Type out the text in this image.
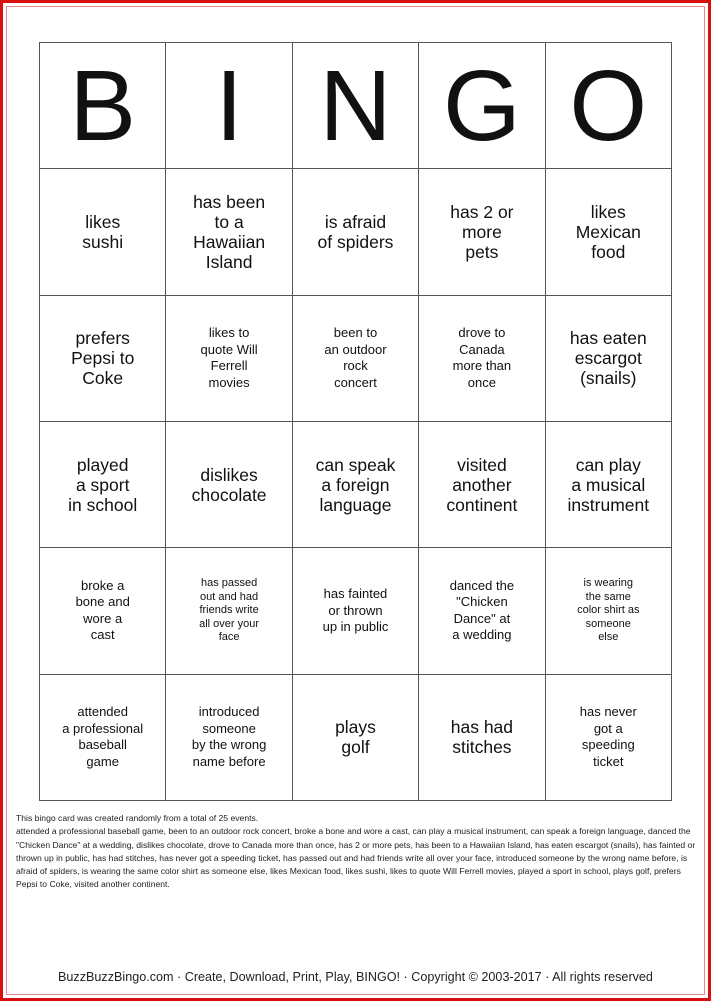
B I N G O
likes
sushi
has been
to a
Hawaiian
Island
is afraid
of spiders
has 2 or
more
pets
likes
Mexican
food
prefers
Pepsi to
Coke
likes to
quote Will
Ferrell
movies
been to
an outdoor
rock
concert
drove to
Canada
more than
once
has eaten
escargot
(snails)
played
a sport
in school
dislikes
chocolate
can speak
a foreign
language
visited
another
continent
can play
a musical
instrument
broke a
bone and
wore a
cast
has passed
out and had
friends write
all over your
face
has fainted
or thrown
up in public
danced the
"Chicken
Dance" at
a wedding
is wearing
the same
color shirt as
someone
else
attended
a professional
baseball
game
introduced
someone
by the wrong
name before
plays
golf
has had
stitches
has never
got a
speeding
ticket
This bingo card was created randomly from a total of 25 events.
attended a professional baseball game, been to an outdoor rock concert, broke a bone and wore a cast, can play a musical instrument, can speak a foreign language, danced the "Chicken Dance" at a wedding, dislikes chocolate, drove to Canada more than once, has 2 or more pets, has been to a Hawaiian Island, has eaten escargot (snails), has fainted or thrown up in public, has had stitches, has never got a speeding ticket, has passed out and had friends write all over your face, introduced someone by the wrong name before, is afraid of spiders, is wearing the same color shirt as someone else, likes Mexican food, likes sushi, likes to quote Will Ferrell movies, played a sport in school, plays golf, prefers Pepsi to Coke, visited another continent.
BuzzBuzzBingo.com · Create, Download, Print, Play, BINGO! · Copyright © 2003-2017 · All rights reserved
